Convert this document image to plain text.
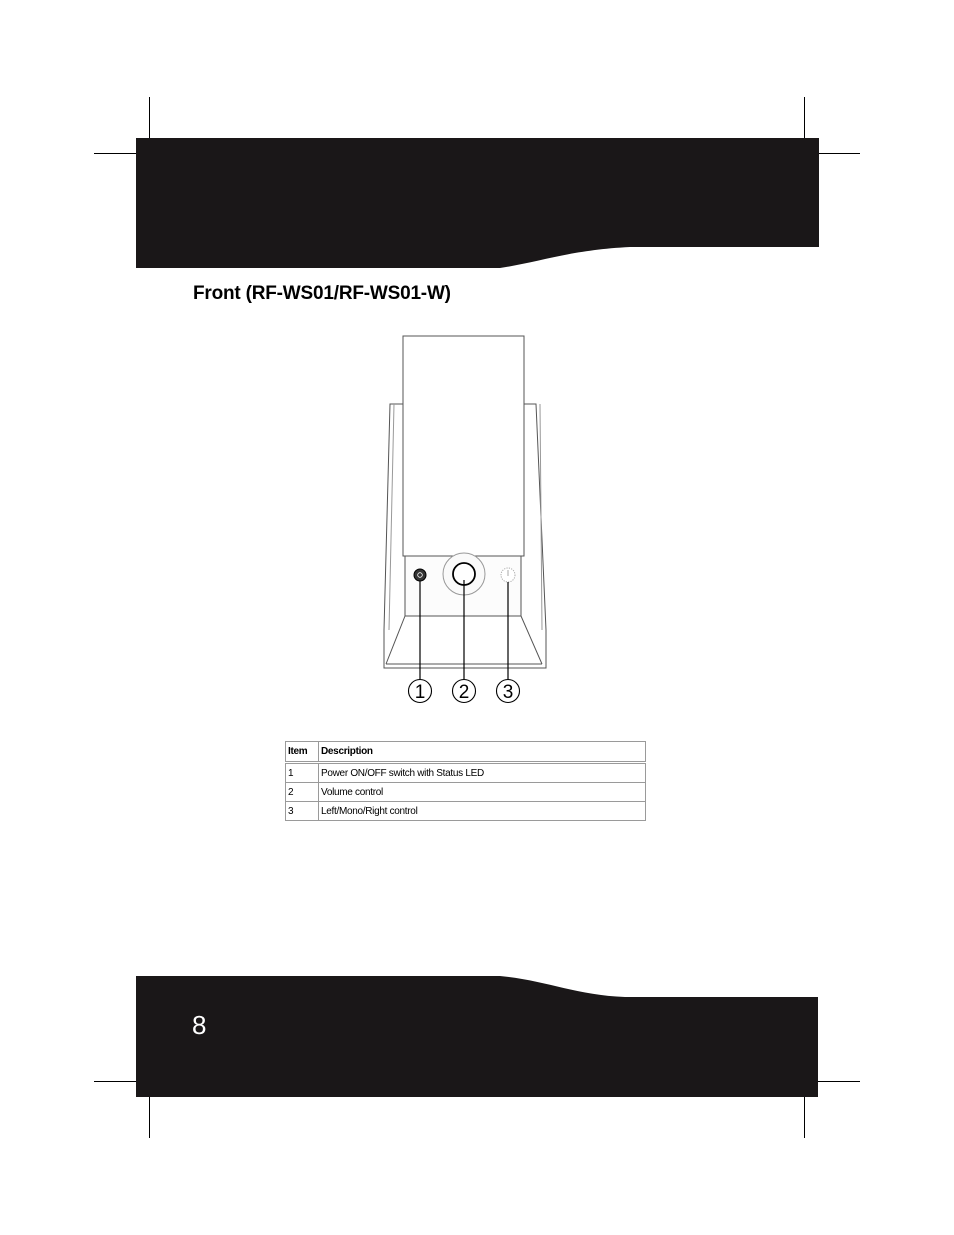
Front (RF-WS01/RF-WS01-W)
1 2 3
Item	Description
1	Power ON/OFF switch with Status LED
2	Volume control
3	Left/Mono/Right control
8
